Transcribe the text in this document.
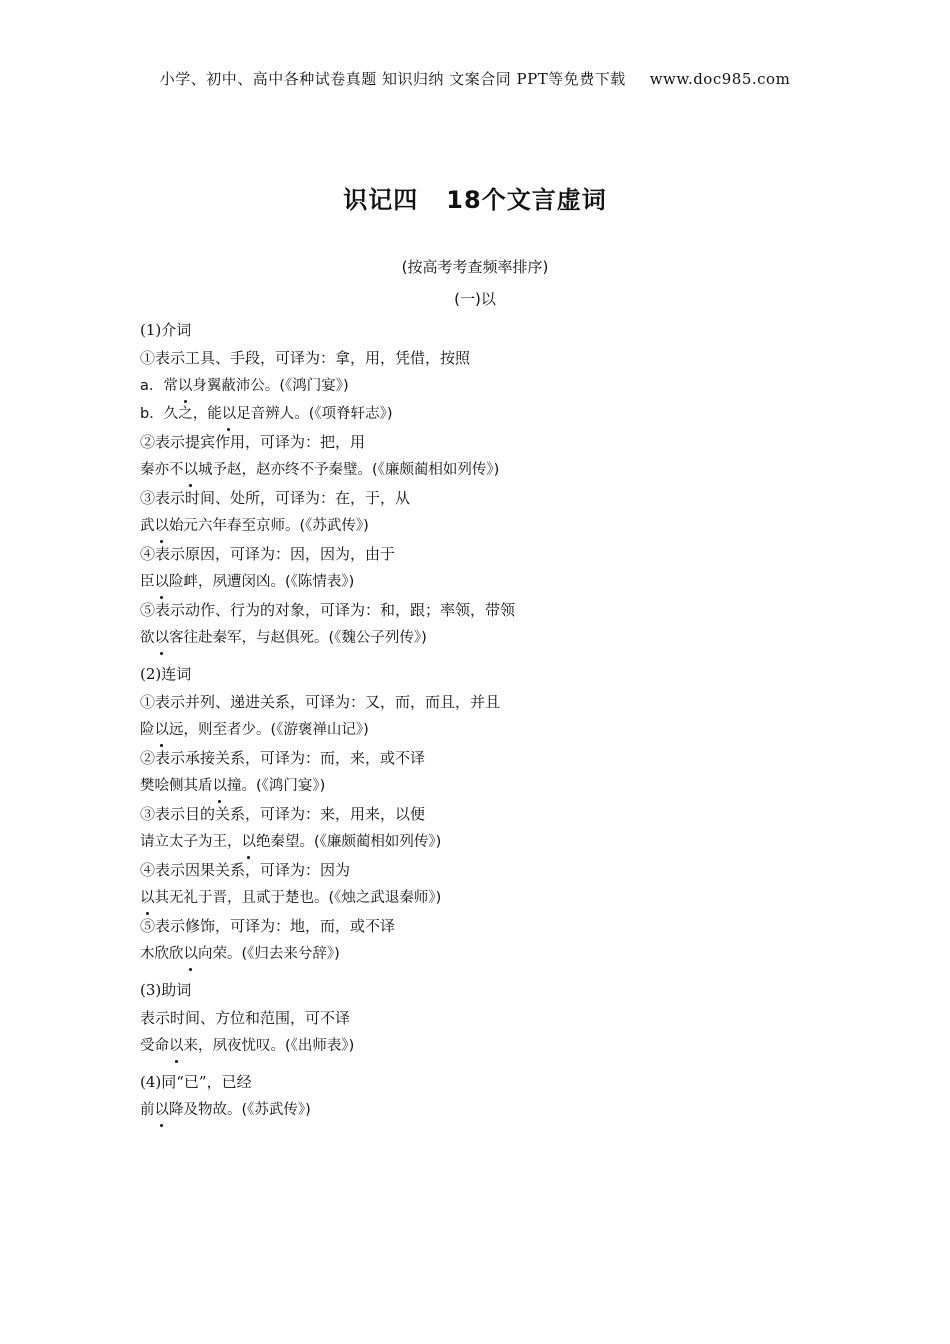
小学、初中、高中各种试卷真题 知识归纳 文案合同 PPT等免费下载 www.doc985.com
识记四 18个文言虚词
(按高考考查频率排序)
(一)以
(1)介词
①表示工具、手段，可译为：拿，用，凭借，按照
a．常以身翼蔽沛公。(《鸿门宴》)
b．久之，能以足音辨人。(《项脊轩志》)
②表示提宾作用，可译为：把，用
秦亦不以城予赵，赵亦终不予秦璧。(《廉颇蔺相如列传》)
③表示时间、处所，可译为：在，于，从
武以始元六年春至京师。(《苏武传》)
④表示原因，可译为：因，因为，由于
臣以险衅，夙遭闵凶。(《陈情表》)
⑤表示动作、行为的对象，可译为：和，跟；率领，带领
欲以客往赴秦军，与赵俱死。(《魏公子列传》)
(2)连词
①表示并列、递进关系，可译为：又，而，而且，并且
险以远，则至者少。(《游褒禅山记》)
②表示承接关系，可译为：而，来，或不译
樊哙侧其盾以撞。(《鸿门宴》)
③表示目的关系，可译为：来，用来，以便
请立太子为王，以绝秦望。(《廉颇蔺相如列传》)
④表示因果关系，可译为：因为
以其无礼于晋，且贰于楚也。(《烛之武退秦师》)
⑤表示修饰，可译为：地，而，或不译
木欣欣以向荣。(《归去来兮辞》)
(3)助词
表示时间、方位和范围，可不译
受命以来，夙夜忧叹。(《出师表》)
(4)同“已”，已经
前以降及物故。(《苏武传》)
